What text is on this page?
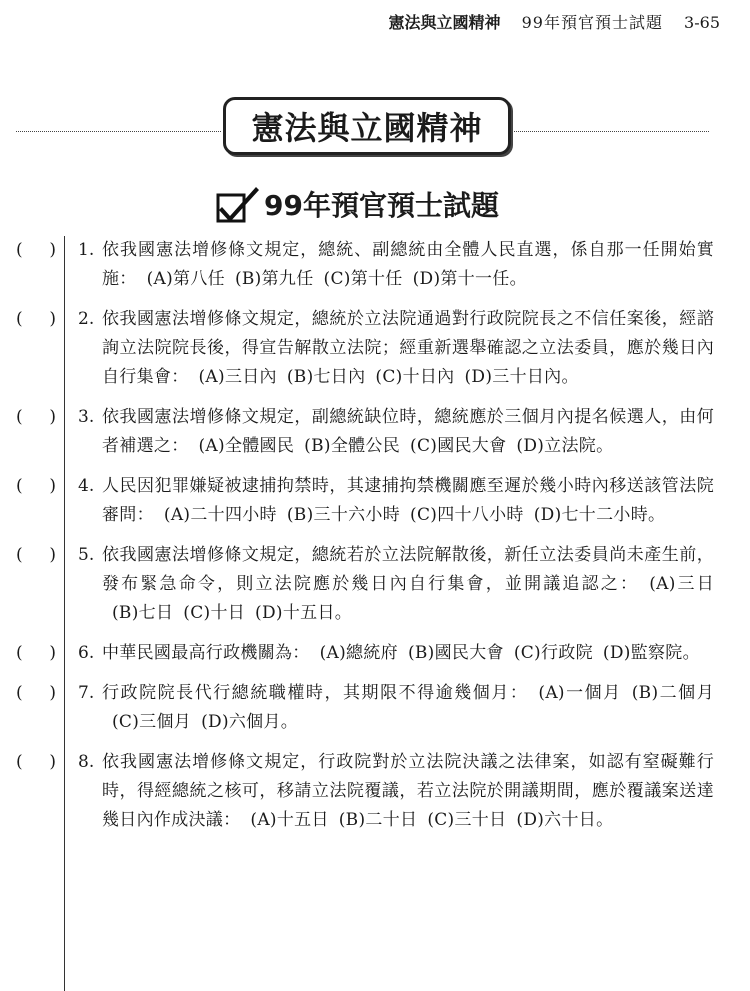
憲法與立國精神 99年預官預士試題 3-65
憲法與立國精神
99年預官預士試題
( ) 1. 依我國憲法增修條文規定，總統、副總統由全體人民直選，係自那一任開始實施： (A)第八任 (B)第九任 (C)第十任 (D)第十一任。
( ) 2. 依我國憲法增修條文規定，總統於立法院通過對行政院院長之不信任案後，經諮詢立法院院長後，得宣告解散立法院；經重新選舉確認之立法委員，應於幾日內自行集會： (A)三日內 (B)七日內 (C)十日內 (D)三十日內。
( ) 3. 依我國憲法增修條文規定，副總統缺位時，總統應於三個月內提名候選人，由何者補選之： (A)全體國民 (B)全體公民 (C)國民大會 (D)立法院。
( ) 4. 人民因犯罪嫌疑被逮捕拘禁時，其逮捕拘禁機關應至遲於幾小時內移送該管法院審問： (A)二十四小時 (B)三十六小時 (C)四十八小時 (D)七十二小時。
( ) 5. 依我國憲法增修條文規定，總統若於立法院解散後，新任立法委員尚未產生前，發布緊急命令，則立法院應於幾日內自行集會，並開議追認之： (A)三日(B)七日 (C)十日 (D)十五日。
( ) 6. 中華民國最高行政機關為： (A)總統府 (B)國民大會 (C)行政院 (D)監察院。
( ) 7. 行政院院長代行總統職權時，其期限不得逾幾個月： (A)一個月 (B)二個月(C)三個月 (D)六個月。
( ) 8. 依我國憲法增修條文規定，行政院對於立法院決議之法律案，如認有窒礙難行時，得經總統之核可，移請立法院覆議，若立法院於開議期間，應於覆議案送達幾日內作成決議： (A)十五日 (B)二十日 (C)三十日 (D)六十日。
